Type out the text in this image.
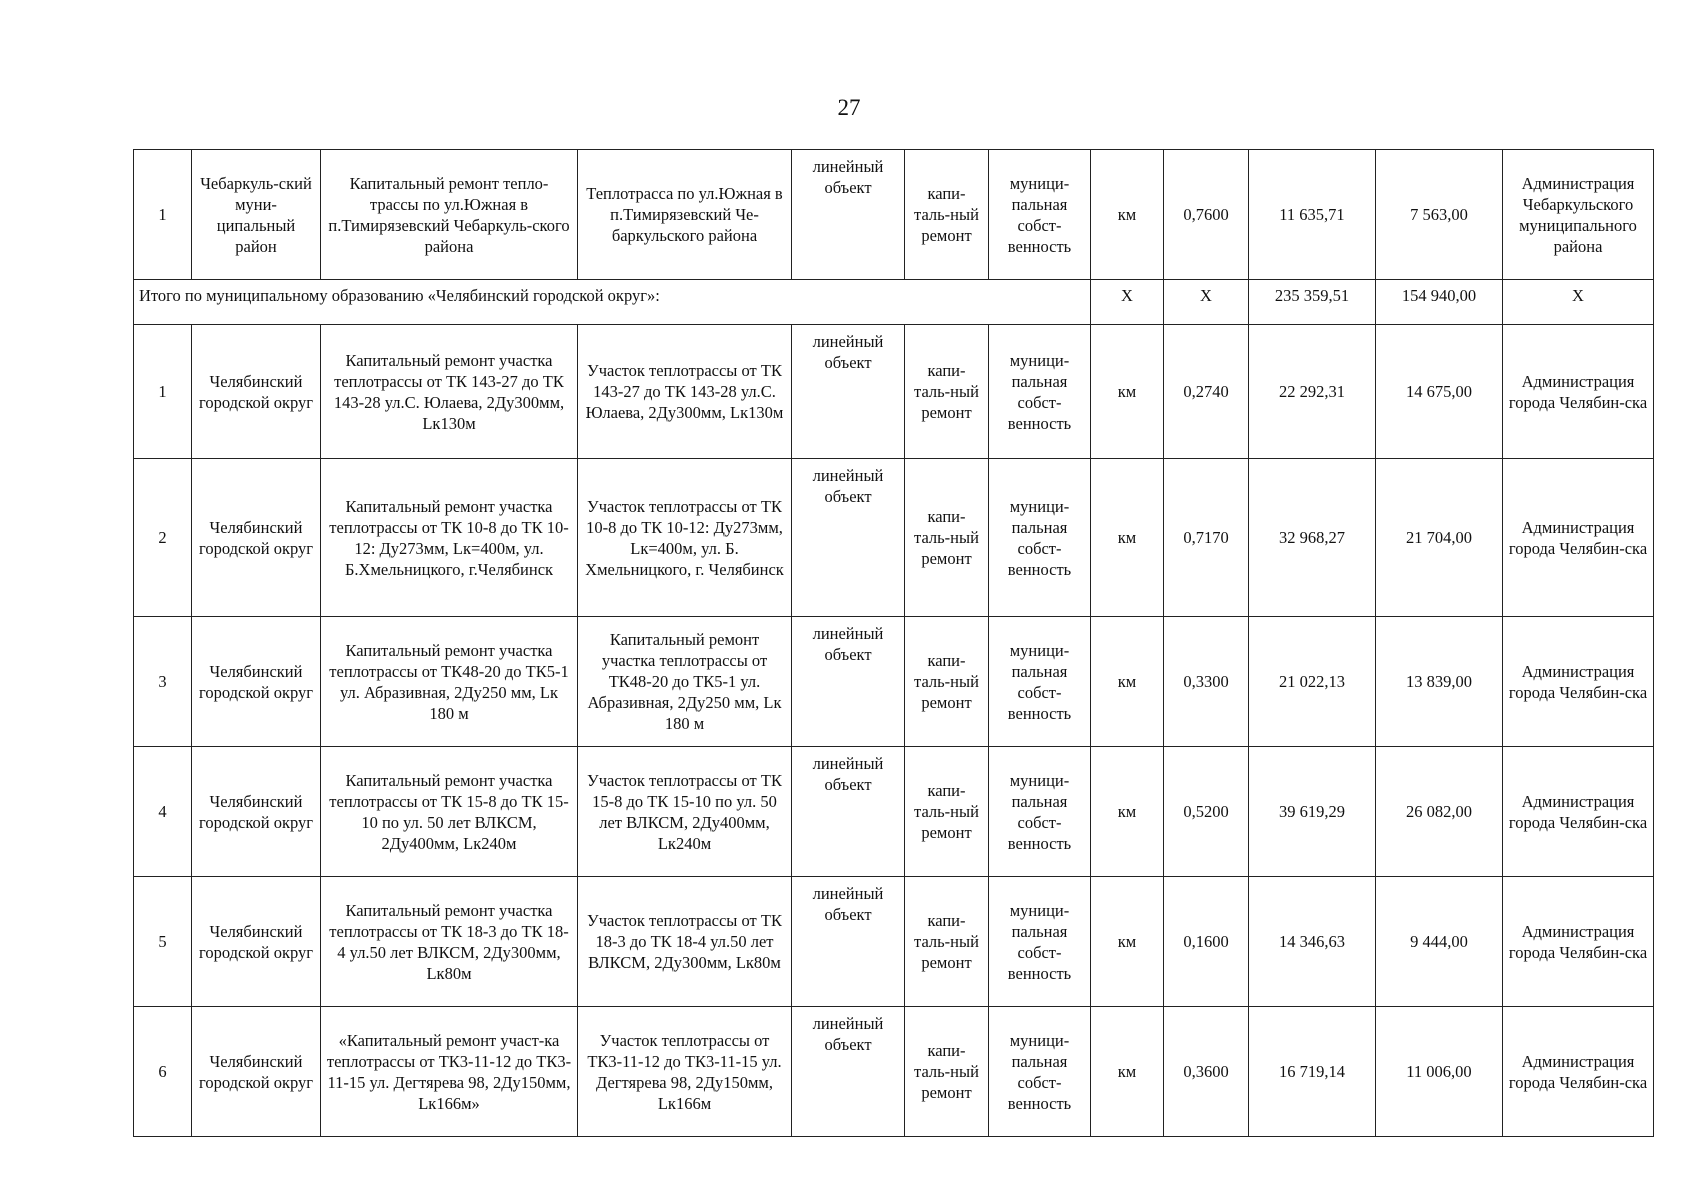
27
1	Чебаркуль-ский муни-ципальный район	Капитальный ремонт тепло-трассы по ул.Южная в п.Тимирязевский Чебаркуль-ского района	Теплотрасса по ул.Южная в п.Тимирязевский Че-баркульского района	линейный объект	капи-таль-ный ремонт	муници-пальная собст-венность	км	0,7600	11 635,71	7 563,00	Администрация Чебаркульского муниципального района
Итого по муниципальному образованию «Челябинский городской округ»:							X	X	235 359,51	154 940,00	X
1	Челябинский городской округ	Капитальный ремонт участка теплотрассы от ТК 143-27 до ТК 143-28 ул.С. Юлаева, 2Ду300мм, Lк130м	Участок теплотрассы от ТК 143-27 до ТК 143-28 ул.С. Юлаева, 2Ду300мм, Lк130м	линейный объект	капи-таль-ный ремонт	муници-пальная собст-венность	км	0,2740	22 292,31	14 675,00	Администрация города Челябин-ска
2	Челябинский городской округ	Капитальный ремонт участка теплотрассы от ТК 10-8 до ТК 10-12: Ду273мм, Lк=400м, ул. Б.Хмельницкого, г.Челябинск	Участок теплотрассы от ТК 10-8 до ТК 10-12: Ду273мм, Lк=400м, ул. Б. Хмельницкого, г. Челябинск	линейный объект	капи-таль-ный ремонт	муници-пальная собст-венность	км	0,7170	32 968,27	21 704,00	Администрация города Челябин-ска
3	Челябинский городской округ	Капитальный ремонт участка теплотрассы от ТК48-20 до ТК5-1 ул. Абразивная, 2Ду250 мм, Lк 180 м	Капитальный ремонт участка теплотрассы от ТК48-20 до ТК5-1 ул. Абразивная, 2Ду250 мм, Lк 180 м	линейный объект	капи-таль-ный ремонт	муници-пальная собст-венность	км	0,3300	21 022,13	13 839,00	Администрация города Челябин-ска
4	Челябинский городской округ	Капитальный ремонт участка теплотрассы от ТК 15-8 до ТК 15-10 по ул. 50 лет ВЛКСМ, 2Ду400мм, Lк240м	Участок теплотрассы от ТК 15-8 до ТК 15-10 по ул. 50 лет ВЛКСМ, 2Ду400мм, Lк240м	линейный объект	капи-таль-ный ремонт	муници-пальная собст-венность	км	0,5200	39 619,29	26 082,00	Администрация города Челябин-ска
5	Челябинский городской округ	Капитальный ремонт участка теплотрассы от ТК 18-3 до ТК 18-4 ул.50 лет ВЛКСМ, 2Ду300мм, Lк80м	Участок теплотрассы от ТК 18-3 до ТК 18-4 ул.50 лет ВЛКСМ, 2Ду300мм, Lк80м	линейный объект	капи-таль-ный ремонт	муници-пальная собст-венность	км	0,1600	14 346,63	9 444,00	Администрация города Челябин-ска
6	Челябинский городской округ	«Капитальный ремонт участ-ка теплотрассы от ТК3-11-12 до ТК3-11-15 ул. Дегтярева 98, 2Ду150мм, Lк166м»	Участок теплотрассы от ТК3-11-12 до ТК3-11-15 ул. Дегтярева 98, 2Ду150мм, Lк166м	линейный объект	капи-таль-ный ремонт	муници-пальная собст-венность	км	0,3600	16 719,14	11 006,00	Администрация города Челябин-ска
